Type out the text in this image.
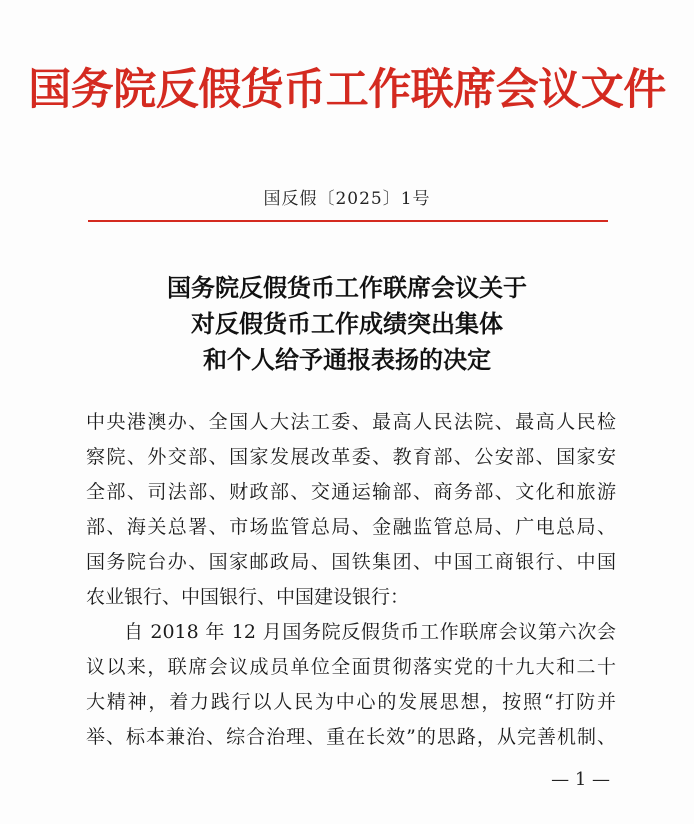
国务院反假货币工作联席会议文件
国反假〔2025〕1号
国务院反假货币工作联席会议关于
对反假货币工作成绩突出集体
和个人给予通报表扬的决定
中央港澳办、全国人大法工委、最高人民法院、最高人民检
察院、外交部、国家发展改革委、教育部、公安部、国家安
全部、司法部、财政部、交通运输部、商务部、文化和旅游
部、海关总署、市场监管总局、金融监管总局、广电总局、
国务院台办、国家邮政局、国铁集团、中国工商银行、中国
农业银行、中国银行、中国建设银行：
自 2018 年 12 月国务院反假货币工作联席会议第六次会
议以来，联席会议成员单位全面贯彻落实党的十九大和二十
大精神，着力践行以人民为中心的发展思想，按照“打防并
举、标本兼治、综合治理、重在长效”的思路，从完善机制、
— 1 —
